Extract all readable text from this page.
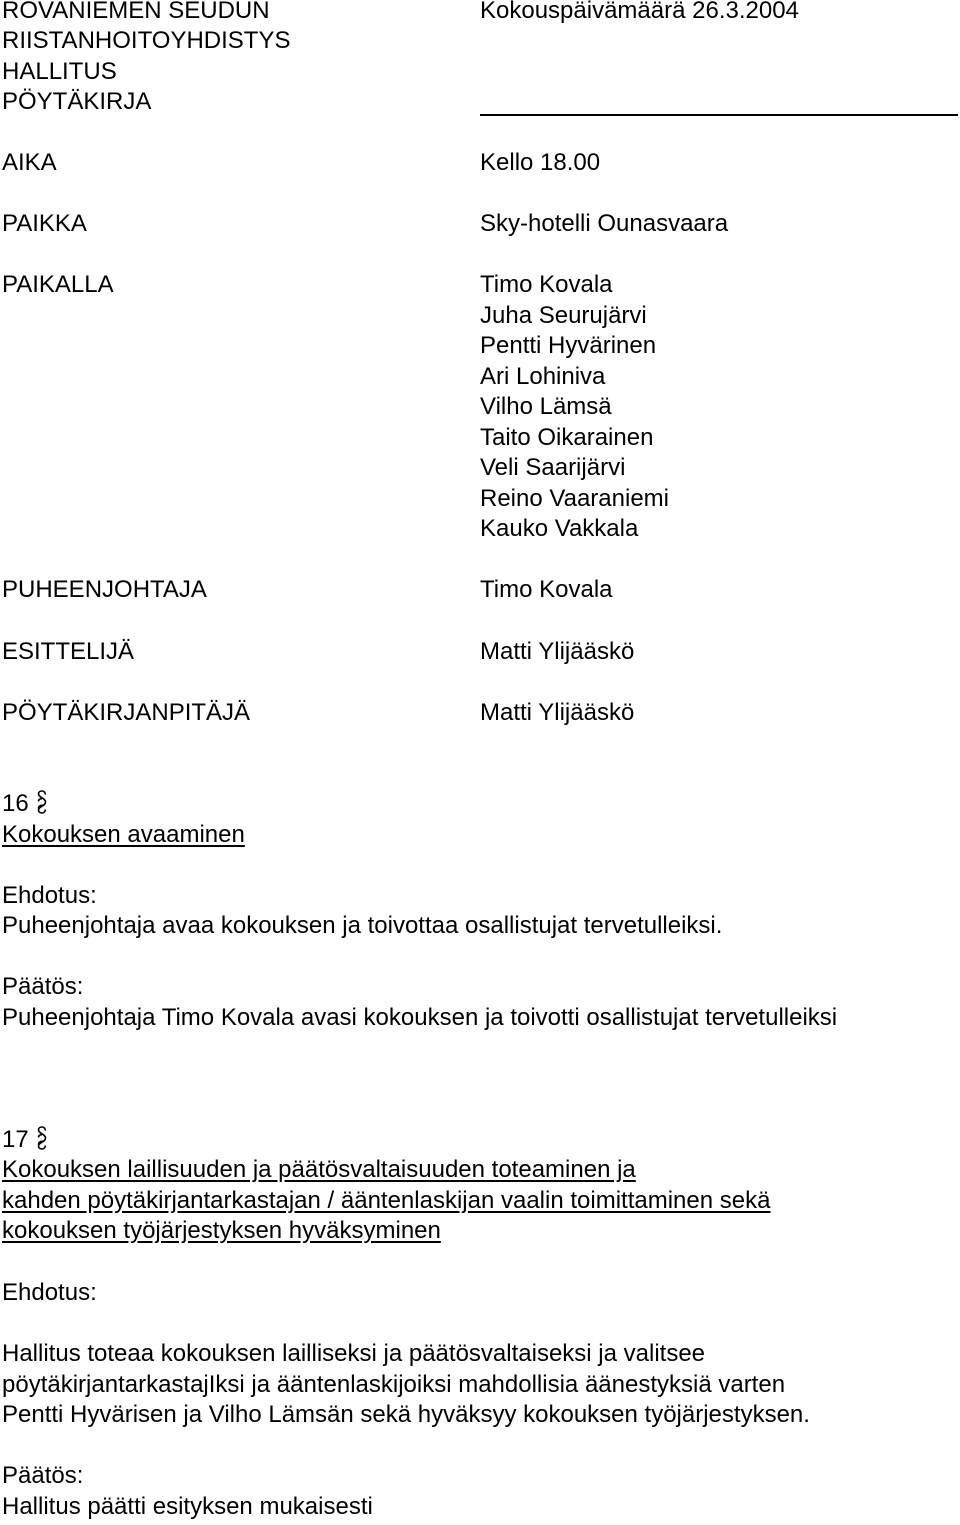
ROVANIEMEN SEUDUN
RIISTANHOITOYHDISTYS
HALLITUS
PÖYTÄKIRJA
Kokouspäivämäärä 26.3.2004
AIKA	Kello 18.00
PAIKKA	Sky-hotelli Ounasvaara
PAIKALLA	Timo Kovala
Juha Seurujärvi
Pentti Hyvärinen
Ari Lohiniva
Vilho Lämsä
Taito Oikarainen
Veli Saarijärvi
Reino Vaaraniemi
Kauko Vakkala
PUHEENJOHTAJA	Timo Kovala
ESITTELIJÄ	Matti Ylijääskö
PÖYTÄKIRJANPITÄJÄ	Matti Ylijääskö
16
Kokouksen avaaminen
Ehdotus:
Puheenjohtaja avaa kokouksen ja toivottaa osallistujat tervetulleiksi.
Päätös:
Puheenjohtaja Timo Kovala avasi kokouksen ja toivotti osallistujat tervetulleiksi
17
Kokouksen laillisuuden ja päätösvaltaisuuden toteaminen ja
kahden pöytäkirjantarkastajan / ääntenlaskijan vaalin toimittaminen sekä
kokouksen työjärjestyksen hyväksyminen
Ehdotus:
Hallitus toteaa kokouksen lailliseksi ja päätösvaltaiseksi ja valitsee
pöytäkirjantarkastajIksi ja ääntenlaskijoiksi mahdollisia äänestyksiä varten
Pentti Hyvärisen ja Vilho Lämsän sekä hyväksyy kokouksen työjärjestyksen.
Päätös:
Hallitus päätti esityksen mukaisesti
